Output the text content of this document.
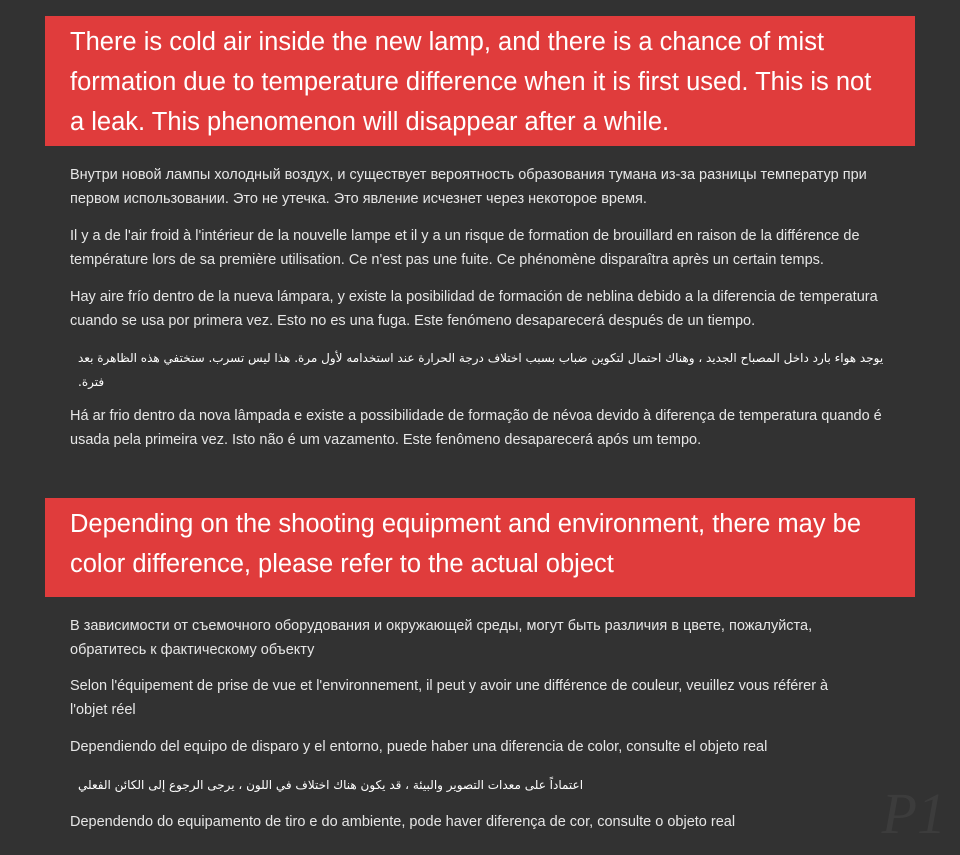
There is cold air inside the new lamp, and there is a chance of mist formation due to temperature difference when it is first used. This is not a leak. This phenomenon will disappear after a while.
Внутри новой лампы холодный воздух, и существует вероятность образования тумана из-за разницы температур при первом использовании. Это не утечка. Это явление исчезнет через некоторое время.
Il y a de l'air froid à l'intérieur de la nouvelle lampe et il y a un risque de formation de brouillard en raison de la différence de température lors de sa première utilisation. Ce n'est pas une fuite. Ce phénomène disparaîtra après un certain temps.
Hay aire frío dentro de la nueva lámpara, y existe la posibilidad de formación de neblina debido a la diferencia de temperatura cuando se usa por primera vez. Esto no es una fuga. Este fenómeno desaparecerá después de un tiempo.
يوجد هواء بارد داخل المصباح الجديد ، وهناك احتمال لتكوين ضباب بسبب اختلاف درجة الحرارة عند استخدامه لأول مرة. هذا ليس تسرب. ستختفي هذه الظاهرة بعد فترة.
Há ar frio dentro da nova lâmpada e existe a possibilidade de formação de névoa devido à diferença de temperatura quando é usada pela primeira vez. Isto não é um vazamento. Este fenômeno desaparecerá após um tempo.
Depending on the shooting equipment and environment, there may be color difference, please refer to the actual object
В зависимости от съемочного оборудования и окружающей среды, могут быть различия в цвете, пожалуйста, обратитесь к фактическому объекту
Selon l'équipement de prise de vue et l'environnement, il peut y avoir une différence de couleur, veuillez vous référer à l'objet réel
Dependiendo del equipo de disparo y el entorno, puede haber una diferencia de color, consulte el objeto real
اعتماداً على معدات التصوير والبيئة ، قد يكون هناك اختلاف في اللون ، يرجى الرجوع إلى الكائن الفعلي
Dependendo do equipamento de tiro e do ambiente, pode haver diferença de cor, consulte o objeto real	P1
